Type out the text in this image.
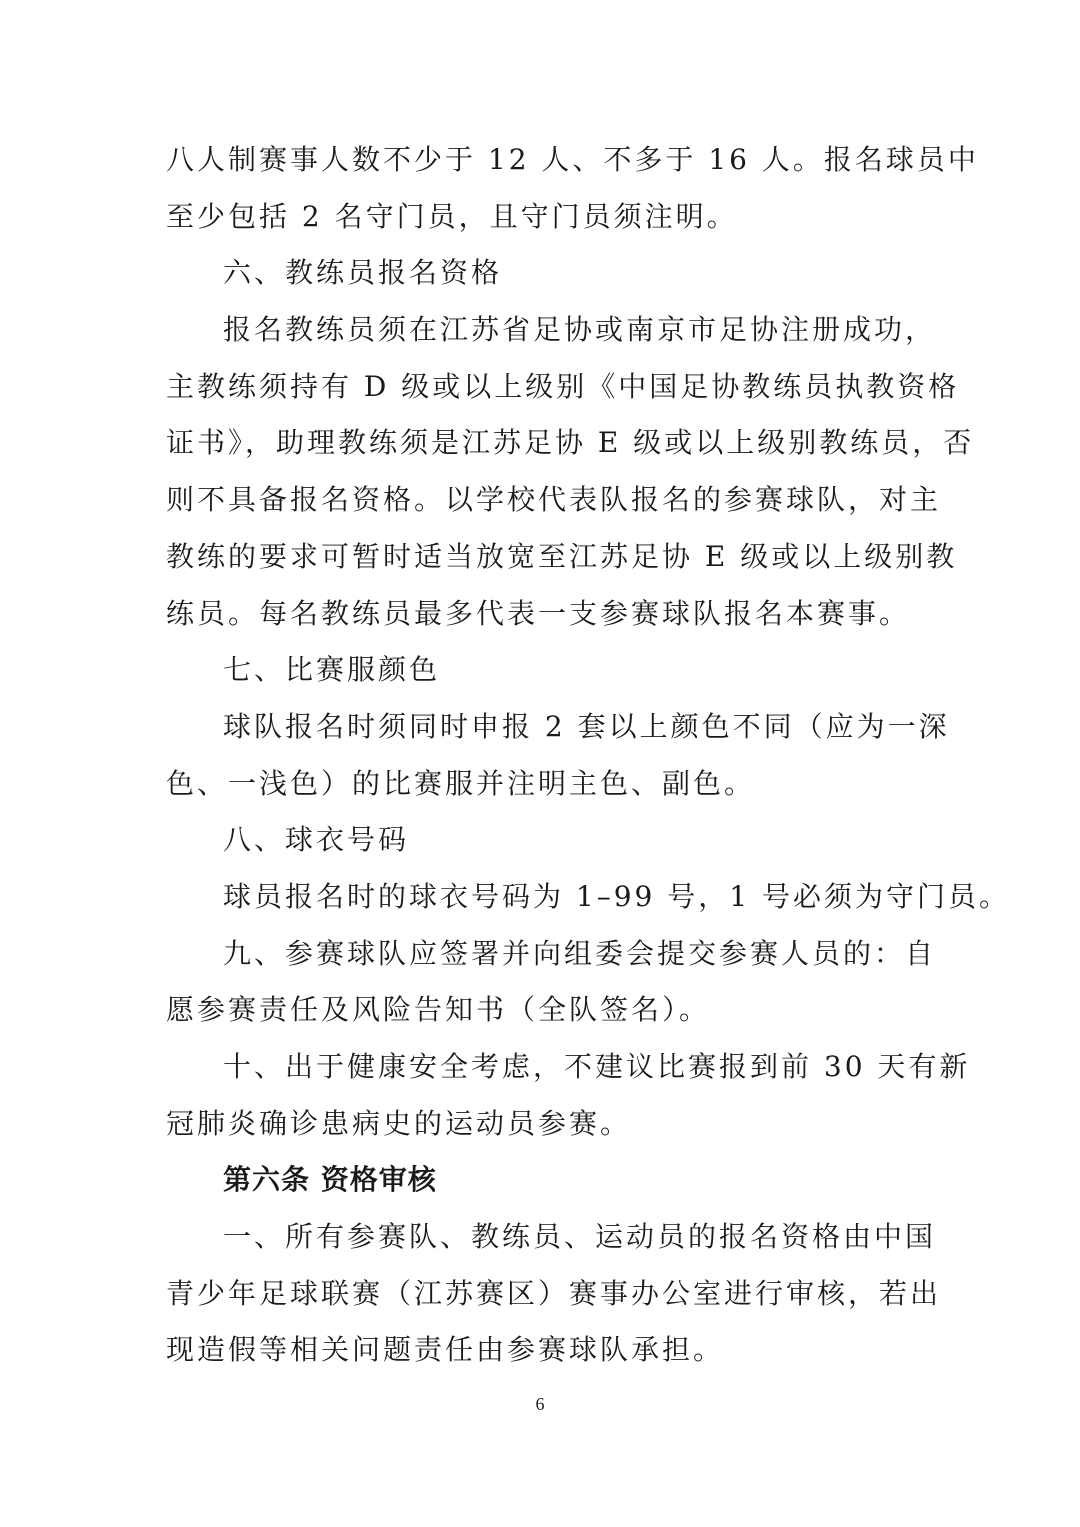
八人制赛事人数不少于 12 人、不多于 16 人。报名球员中
至少包括 2 名守门员，且守门员须注明。
六、教练员报名资格
报名教练员须在江苏省足协或南京市足协注册成功，
主教练须持有 D 级或以上级别《中国足协教练员执教资格
证书》，助理教练须是江苏足协 E 级或以上级别教练员，否
则不具备报名资格。以学校代表队报名的参赛球队，对主
教练的要求可暂时适当放宽至江苏足协 E 级或以上级别教
练员。每名教练员最多代表一支参赛球队报名本赛事。
七、比赛服颜色
球队报名时须同时申报 2 套以上颜色不同（应为一深
色、一浅色）的比赛服并注明主色、副色。
八、球衣号码
球员报名时的球衣号码为 1–99 号，1 号必须为守门员。
九、参赛球队应签署并向组委会提交参赛人员的：自
愿参赛责任及风险告知书（全队签名）。
十、出于健康安全考虑，不建议比赛报到前 30 天有新
冠肺炎确诊患病史的运动员参赛。
第六条 资格审核
一、所有参赛队、教练员、运动员的报名资格由中国
青少年足球联赛（江苏赛区）赛事办公室进行审核，若出
现造假等相关问题责任由参赛球队承担。
6
